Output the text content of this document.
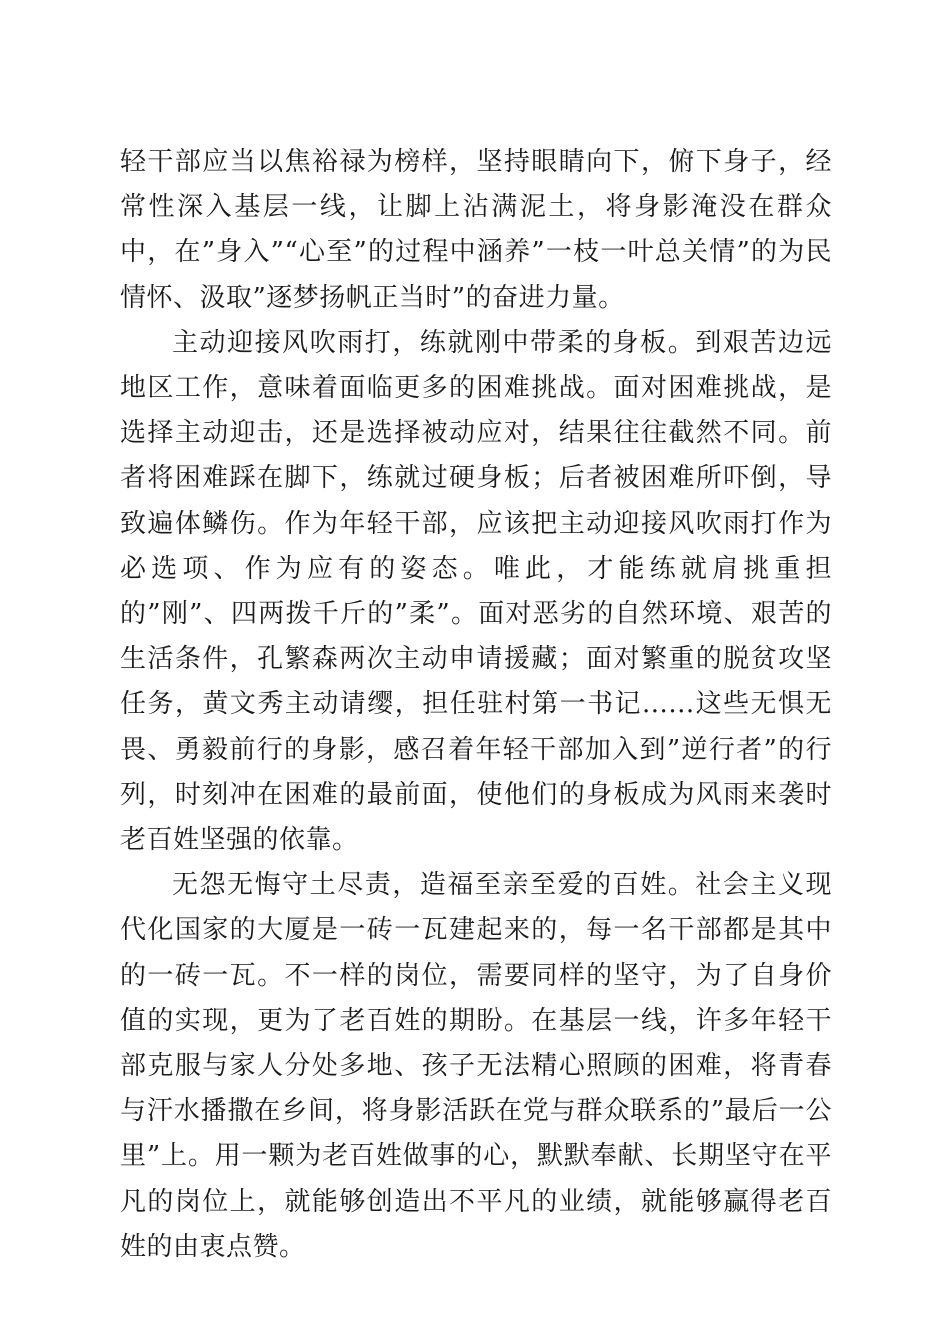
轻干部应当以焦裕禄为榜样，坚持眼睛向下，俯下身子，经常性深入基层一线，让脚上沾满泥土，将身影淹没在群众中，在”身入”“心至”的过程中涵养”一枝一叶总关情”的为民情怀、汲取”逐梦扬帆正当时”的奋进力量。

主动迎接风吹雨打，练就刚中带柔的身板。到艰苦边远地区工作，意味着面临更多的困难挑战。面对困难挑战，是选择主动迎击，还是选择被动应对，结果往往截然不同。前者将困难踩在脚下，练就过硬身板；后者被困难所吓倒，导致遍体鳞伤。作为年轻干部，应该把主动迎接风吹雨打作为必选项、作为应有的姿态。唯此，才能练就肩挑重担的”刚”、四两拨千斤的”柔”。面对恶劣的自然环境、艰苦的生活条件，孔繁森两次主动申请援藏；面对繁重的脱贫攻坚任务，黄文秀主动请缨，担任驻村第一书记......这些无惧无畏、勇毅前行的身影，感召着年轻干部加入到”逆行者”的行列，时刻冲在困难的最前面，使他们的身板成为风雨来袭时老百姓坚强的依靠。

无怨无悔守土尽责，造福至亲至爱的百姓。社会主义现代化国家的大厦是一砖一瓦建起来的，每一名干部都是其中的一砖一瓦。不一样的岗位，需要同样的坚守，为了自身价值的实现，更为了老百姓的期盼。在基层一线，许多年轻干部克服与家人分处多地、孩子无法精心照顾的困难，将青春与汗水播撒在乡间，将身影活跃在党与群众联系的”最后一公里”上。用一颗为老百姓做事的心，默默奉献、长期坚守在平凡的岗位上，就能够创造出不平凡的业绩，就能够赢得老百姓的由衷点赞。
